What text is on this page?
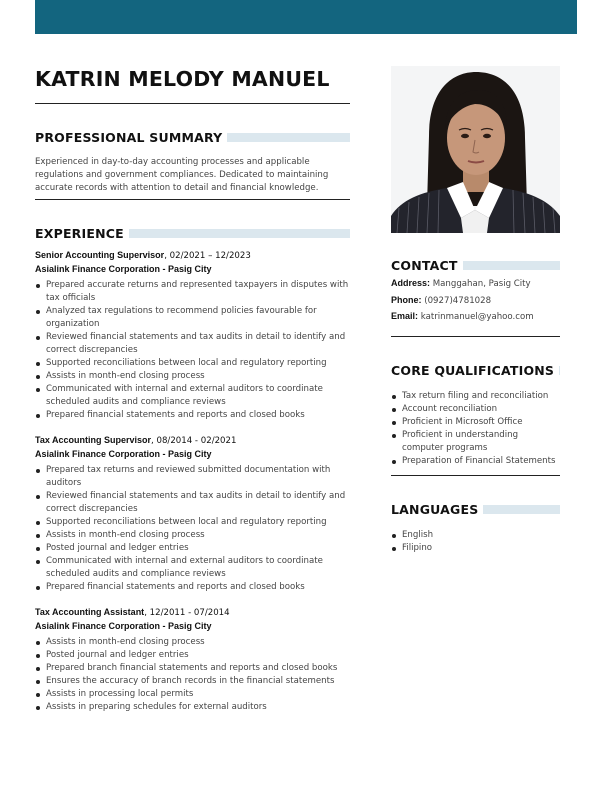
KATRIN MELODY MANUEL
PROFESSIONAL SUMMARY

Experienced in day-to-day accounting processes and applicable regulations and government compliances. Dedicated to maintaining accurate records with attention to detail and financial knowledge.

EXPERIENCE
Senior Accounting Supervisor, 02/2021 – 12/2023
Asialink Finance Corporation - Pasig City
Prepared accurate returns and represented taxpayers in disputes with tax officials
Analyzed tax regulations to recommend policies favourable for organization
Reviewed financial statements and tax audits in detail to identify and correct discrepancies
Supported reconciliations between local and regulatory reporting
Assists in month-end closing process
Communicated with internal and external auditors to coordinate scheduled audits and compliance reviews
Prepared financial statements and reports and closed books
Tax Accounting Supervisor, 08/2014 - 02/2021
Asialink Finance Corporation - Pasig City
Prepared tax returns and reviewed submitted documentation with auditors
Reviewed financial statements and tax audits in detail to identify and correct discrepancies
Supported reconciliations between local and regulatory reporting
Assists in month-end closing process
Posted journal and ledger entries
Communicated with internal and external auditors to coordinate scheduled audits and compliance reviews
Prepared financial statements and reports and closed books
Tax Accounting Assistant, 12/2011 - 07/2014
Asialink Finance Corporation - Pasig City
Assists in month-end closing process
Posted journal and ledger entries
Prepared branch financial statements and reports and closed books
Ensures the accuracy of branch records in the financial statements
Assists in processing local permits
Assists in preparing schedules for external auditors
CONTACT
Address: Manggahan, Pasig City
Phone: (0927)4781028
Email: katrinmanuel@yahoo.com
CORE QUALIFICATIONS
Tax return filing and reconciliation
Account reconciliation
Proficient in Microsoft Office
Proficient in understanding computer programs
Preparation of Financial Statements
LANGUAGES
English
Filipino
